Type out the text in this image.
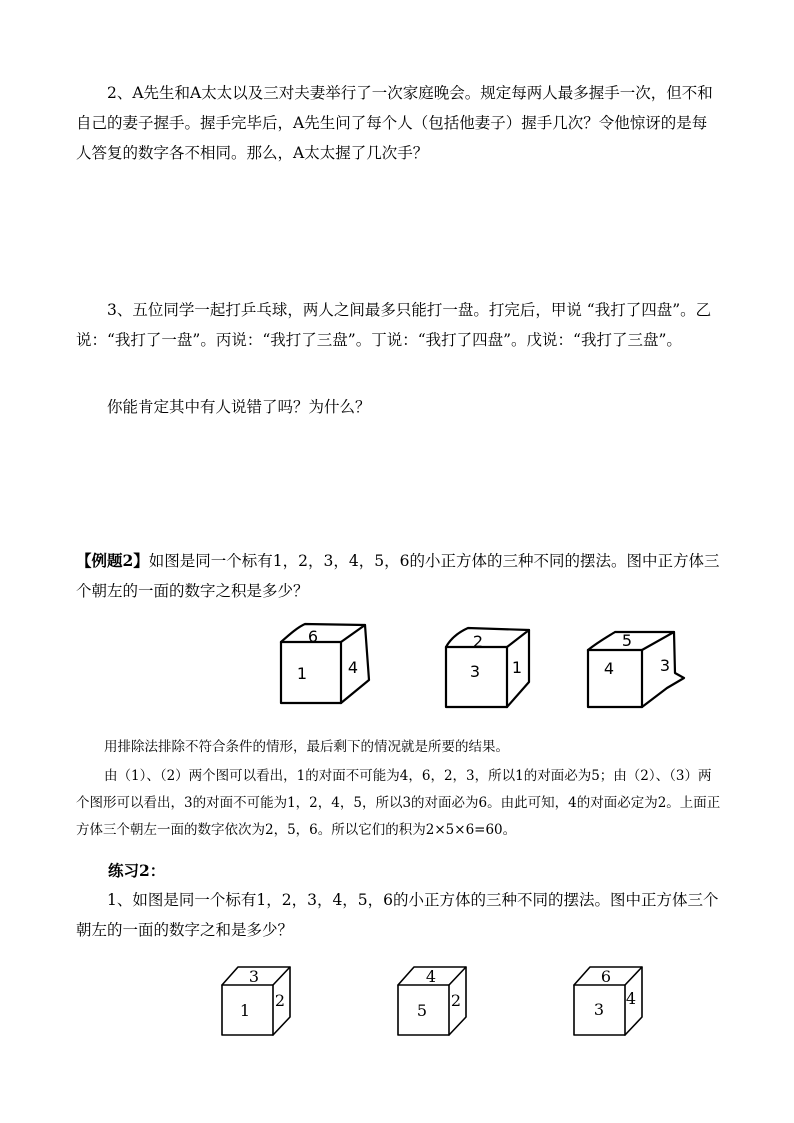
2、A先生和A太太以及三对夫妻举行了一次家庭晚会。规定每两人最多握手一次，但不和自己的妻子握手。握手完毕后，A先生问了每个人（包括他妻子）握手几次？令他惊讶的是每人答复的数字各不相同。那么，A太太握了几次手？

3、五位同学一起打乒乓球，两人之间最多只能打一盘。打完后，甲说 “我打了四盘”。乙说：“我打了一盘”。丙说：“我打了三盘”。丁说：“我打了四盘”。戊说：“我打了三盘”。

你能肯定其中有人说错了吗？为什么？

【例题2】如图是同一个标有1，2，3，4，5，6的小正方体的三种不同的摆法。图中正方体三个朝左的一面的数字之积是多少？

6
1	4
2
3 1
5
4	3

用排除法排除不符合条件的情形，最后剩下的情况就是所要的结果。

由（1）、（2）两个图可以看出，1的对面不可能为4，6，2，3，所以1的对面必为5；由（2）、（3）两个图形可以看出，3的对面不可能为1，2，4，5，所以3的对面必为6。由此可知，4的对面必定为2。上面正方体三个朝左一面的数字依次为2，5，6。所以它们的积为2×5×6=60。

练习2：

1、如图是同一个标有1，2，3，4，5，6的小正方体的三种不同的摆法。图中正方体三个朝左的一面的数字之和是多少？

3
1
2
4
5
2
6
3
4
